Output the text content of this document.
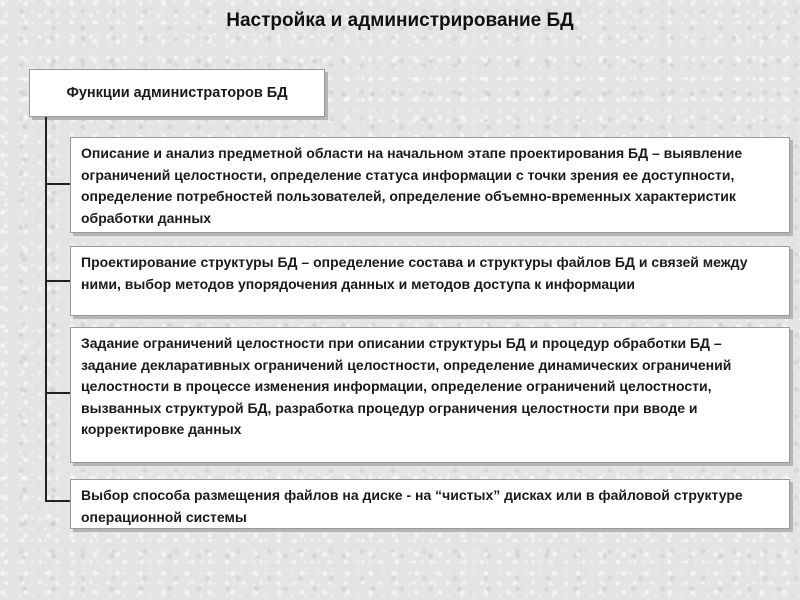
Настройка и администрирование БД
Функции администраторов БД
Описание и анализ предметной области на начальном этапе проектирования БД – выявление ограничений целостности, определение статуса информации с точки зрения ее доступности, определение потребностей пользователей, определение объемно-временных характеристик обработки данных
Проектирование структуры БД – определение состава и структуры файлов БД и связей между ними, выбор методов упорядочения данных и методов доступа к информации
Задание ограничений целостности при описании структуры БД и процедур обработки БД – задание декларативных ограничений целостности, определение динамических ограничений целостности в процессе изменения информации, определение ограничений целостности, вызванных структурой БД, разработка процедур ограничения целостности при вводе и корректировке данных
Выбор способа размещения файлов на диске - на “чистых” дисках или в файловой структуре операционной системы
